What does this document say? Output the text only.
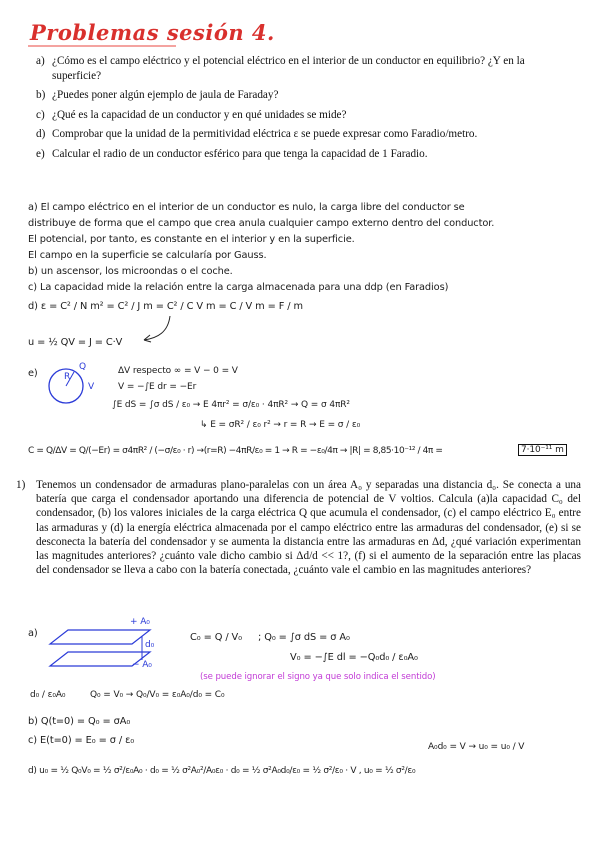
Problemas sesión 4.
a) ¿Cómo es el campo eléctrico y el potencial eléctrico en el interior de un conductor en equilibrio? ¿Y en la superficie?
b) ¿Puedes poner algún ejemplo de jaula de Faraday?
c) ¿Qué es la capacidad de un conductor y en qué unidades se mide?
d) Comprobar que la unidad de la permitividad eléctrica ε se puede expresar como Faradio/metro.
e) Calcular el radio de un conductor esférico para que tenga la capacidad de 1 Faradio.
a) El campo eléctrico en el interior de un conductor es nulo, la carga libre del conductor se
distribuye de forma que el campo que crea anula cualquier campo externo dentro del conductor.
El potencial, por tanto, es constante en el interior y en la superficie.
El campo en la superficie se calcularía por Gauss.
b) un ascensor, los microondas o el coche.
c) La capacidad mide la relación entre la carga almacenada para una ddp (en Faradios)
d) ε = C² / N m² = C² / J m = C² / C V m = C / V m = F / m
u = ½ QV = J = C·V
e)	R
Q
V
ΔV respecto ∞ = V − 0 = V
V = −∫E dr = −Er
∫E dS = ∫σ dS / ε₀ → E 4πr² = σ/ε₀ · 4πR² → Q = σ 4πR²
↳ E = σR² / ε₀ r² → r = R → E = σ / ε₀
C = Q/ΔV = Q/(−Er) = σ4πR² / (−σ/ε₀ · r) →(r=R) −4πR/ε₀ = 1 → R = −ε₀/4π → |R| = 8,85·10⁻¹² / 4π =	7·10⁻¹¹ m
1) Tenemos un condensador de armaduras plano-paralelas con un área A₀ y separadas una distancia d₀. Se conecta a una batería que carga el condensador aportando una diferencia de potencial de V voltios. Calcula (a)la capacidad C₀ del condensador, (b) los valores iniciales de la carga eléctrica Q que acumula el condensador, (c) el campo eléctrico E₀ entre las armaduras y (d) la energía eléctrica almacenada por el campo eléctrico entre las armaduras del condensador, (e) si se desconecta la batería del condensador y se aumenta la distancia entre las armaduras en Δd, ¿qué variación experimentan las magnitudes anteriores? ¿cuánto vale dicho cambio si Δd/d << 1?, (f) si el aumento de la separación entre las placas del condensador se lleva a cabo con la batería conectada, ¿cuánto vale el cambio en las magnitudes anteriores?
a)
+ A₀
d₀
− A₀
C₀ = Q / V₀ ; Q₀ = ∫σ dS = σ A₀
V₀ = −∫E dl = −Q₀d₀ / ε₀A₀
(se puede ignorar el signo ya que solo indica el sentido)
d₀ / ε₀A₀	Q₀ = V₀ → Q₀/V₀ = ε₀A₀/d₀ = C₀
b) Q(t=0) = Q₀ = σA₀
c) E(t=0) = E₀ = σ / ε₀
A₀d₀ = V → u₀ = u₀ / V
d) u₀ = ½ Q₀V₀ = ½ σ²/ε₀A₀ · d₀ = ½ σ²A₀²/A₀ε₀ · d₀ = ½ σ²A₀d₀/ε₀ = ½ σ²/ε₀ · V , u₀ = ½ σ²/ε₀
